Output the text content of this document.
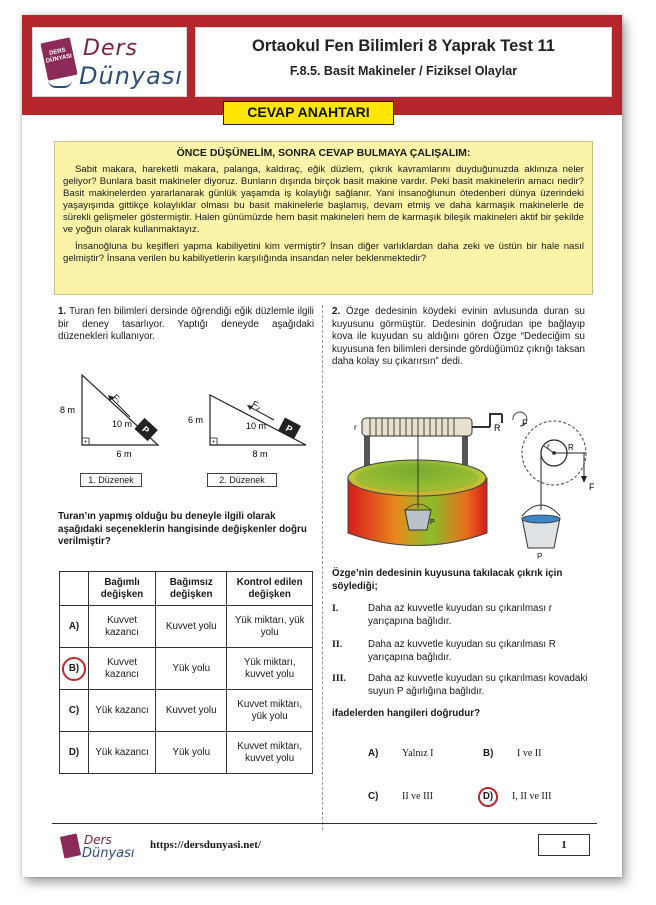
DERS DÜNYASI Ders
Dünyası
Ortaokul Fen Bilimleri 8 Yaprak Test 11
F.8.5. Basit Makineler / Fiziksel Olaylar
CEVAP ANAHTARI
ÖNCE DÜŞÜNELİM, SONRA CEVAP BULMAYA ÇALIŞALIM:

Sabit makara, hareketli makara, palanga, kaldıraç, eğik düzlem, çıkrık kavramlarını duyduğunuzda aklınıza neler geliyor? Bunlara basit makineler diyoruz. Bunların dışında birçok basit makine vardır. Peki basit makinelerin amacı nedir? Basit makinelerden yararlanarak günlük yaşamda iş kolaylığı sağlanır. Yani insanoğlunun ötedenberi dünya üzerindeki yaşayışında gittikçe kolaylıklar olması bu basit makinelerle başlamış, devam etmiş ve daha karmaşık makinelerle de sürekli gelişmeler göstermiştir. Halen günümüzde hem basit makineleri hem de karmaşık bileşik makineleri aktif bir şekilde ve yoğun olarak kullanmaktayız.

İnsanoğluna bu keşifleri yapma kabiliyetini kim vermiştir? İnsan diğer varlıklardan daha zeki ve üstün bir hale nasıl gelmiştir? İnsana verilen bu kabiliyetlerin karşılığında insandan neler beklenmektedir?

1. Turan fen bilimleri dersinde öğrendiği eğik düzlemle ilgili bir deney tasarlıyor. Yaptığı deneyde aşağıdaki düzenekleri kullanıyor.
P
F₁
8 m
10 m
6 m
1. Düzenek
P
F₂
6 m
10 m
8 m
2. Düzenek
Turan’ın yapmış olduğu bu deneyle ilgili olarak aşağıdaki seçeneklerin hangisinde değişkenler doğru verilmiştir?
	Bağımlı değişken	Bağımsız değişken	Kontrol edilen değişken
A)	Kuvvet kazancı	Kuvvet yolu	Yük miktarı, yük yolu
B)	Kuvvet kazancı	Yük yolu	Yük miktarı, kuvvet yolu
C)	Yük kazancı	Kuvvet yolu	Kuvvet miktarı, yük yolu
D)	Yük kazancı	Yük yolu	Kuvvet miktarı, kuvvet yolu
2. Özge dedesinin köydeki evinin avlusunda duran su kuyusunu görmüştür. Dedesinin doğrudan ipe bağlayıp kova ile kuyudan su aldığını gören Özge “Dedeciğim su kuyusuna fen bilimleri dersinde gördüğümüz çıkrığı taksan daha kolay su çıkarırsın” dedi.
R F
r
P
r R
F
P
Özge’nin dedesinin kuyusuna takılacak çıkrık için söylediği;
I.	Daha az kuvvetle kuyudan su çıkarılması r yarıçapına bağlıdır.
II.	Daha az kuvvetle kuyudan su çıkarılması R yarıçapına bağlıdır.
III. Daha az kuvvetle kuyudan su çıkarılması kovadaki suyun P ağırlığına bağlıdır.
ifadelerden hangileri doğrudur?
A) Yalnız I	B) I ve II
C) II ve III	D) I, II ve III
Ders
Dünyası
https://dersdunyasi.net/	1
